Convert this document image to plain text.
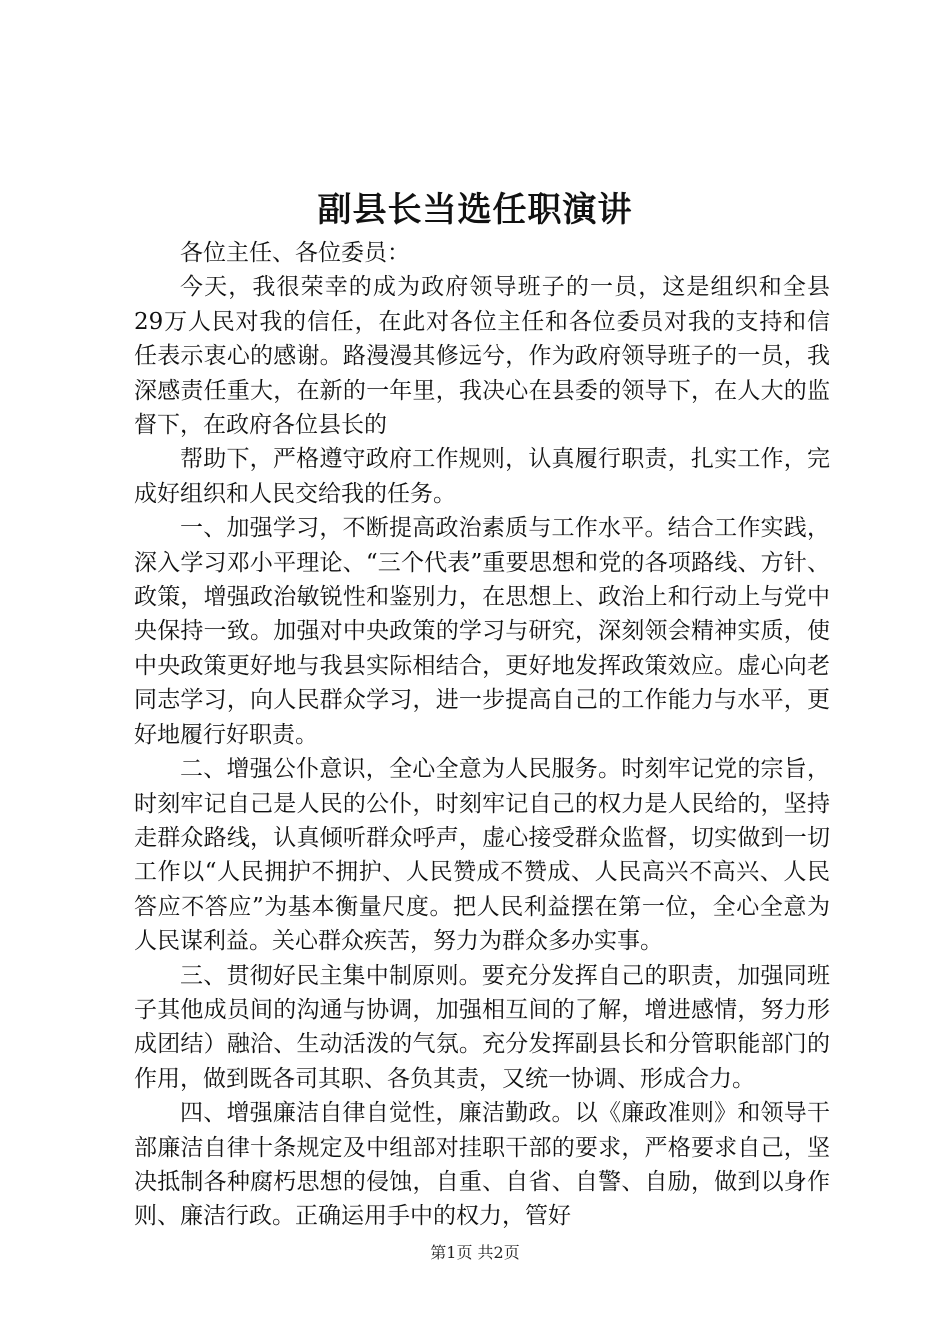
副县长当选任职演讲

各位主任、各位委员：

今天，我很荣幸的成为政府领导班子的一员，这是组织和全县29万人民对我的信任，在此对各位主任和各位委员对我的支持和信任表示衷心的感谢。路漫漫其修远兮，作为政府领导班子的一员，我深感责任重大，在新的一年里，我决心在县委的领导下，在人大的监督下，在政府各位县长的

帮助下，严格遵守政府工作规则，认真履行职责，扎实工作，完成好组织和人民交给我的任务。

一、加强学习，不断提高政治素质与工作水平。结合工作实践，深入学习邓小平理论、“三个代表”重要思想和党的各项路线、方针、政策，增强政治敏锐性和鉴别力，在思想上、政治上和行动上与党中央保持一致。加强对中央政策的学习与研究，深刻领会精神实质，使中央政策更好地与我县实际相结合，更好地发挥政策效应。虚心向老同志学习，向人民群众学习，进一步提高自己的工作能力与水平，更好地履行好职责。

二、增强公仆意识，全心全意为人民服务。时刻牢记党的宗旨，时刻牢记自己是人民的公仆，时刻牢记自己的权力是人民给的，坚持走群众路线，认真倾听群众呼声，虚心接受群众监督，切实做到一切工作以“人民拥护不拥护、人民赞成不赞成、人民高兴不高兴、人民答应不答应”为基本衡量尺度。把人民利益摆在第一位，全心全意为人民谋利益。关心群众疾苦，努力为群众多办实事。

三、贯彻好民主集中制原则。要充分发挥自己的职责，加强同班子其他成员间的沟通与协调，加强相互间的了解，增进感情，努力形成团结）融洽、生动活泼的气氛。充分发挥副县长和分管职能部门的作用，做到既各司其职、各负其责，又统一协调、形成合力。

四、增强廉洁自律自觉性，廉洁勤政。以《廉政准则》和领导干部廉洁自律十条规定及中组部对挂职干部的要求，严格要求自己，坚决抵制各种腐朽思想的侵蚀，自重、自省、自警、自励，做到以身作则、廉洁行政。正确运用手中的权力，管好

第1页 共2页
